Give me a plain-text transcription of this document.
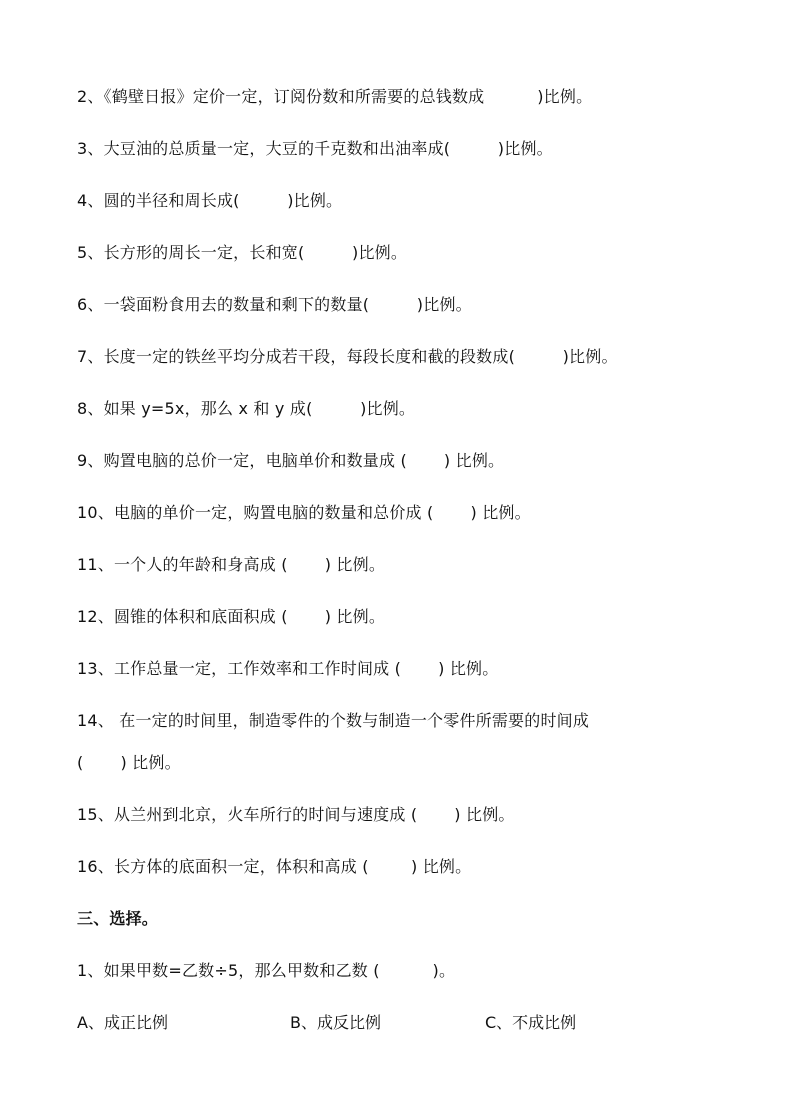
2、《鹤壁日报》定价一定，订阅份数和所需要的总钱数成          )比例。
3、大豆油的总质量一定，大豆的千克数和出油率成(         )比例。
4、圆的半径和周长成(         )比例。
5、长方形的周长一定，长和宽(         )比例。
6、一袋面粉食用去的数量和剩下的数量(         )比例。
7、长度一定的铁丝平均分成若干段，每段长度和截的段数成(         )比例。
8、如果 y=5x，那么 x 和 y 成(         )比例。
9、购置电脑的总价一定，电脑单价和数量成 (       ) 比例。
10、电脑的单价一定，购置电脑的数量和总价成 (       ) 比例。
11、一个人的年龄和身高成 (       ) 比例。
12、圆锥的体积和底面积成 (       ) 比例。
13、工作总量一定，工作效率和工作时间成 (       ) 比例。
14、 在一定的时间里，制造零件的个数与制造一个零件所需要的时间成
(       ) 比例。
15、从兰州到北京，火车所行的时间与速度成 (       ) 比例。
16、长方体的底面积一定，体积和高成 (        ) 比例。
三、选择。
1、如果甲数=乙数÷5，那么甲数和乙数 (          )。
A、成正比例	B、成反比例	C、不成比例
